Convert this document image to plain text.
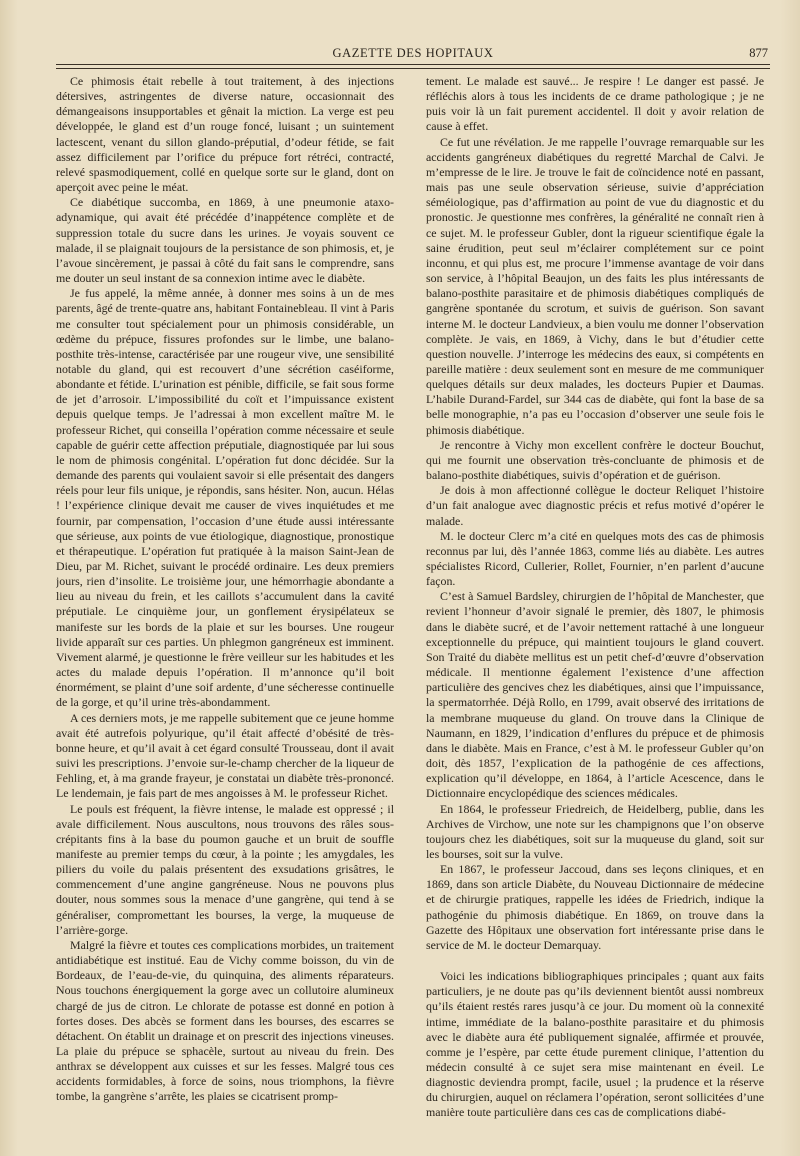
GAZETTE DES HOPITAUX	877

Ce phimosis était rebelle à tout traitement, à des injections détersives, astringentes de diverse nature, occasionnait des démangeaisons insupportables et gênait la miction. La verge est peu développée, le gland est d’un rouge foncé, luisant ; un suintement lactescent, venant du sillon glando-préputial, d’odeur fétide, se fait assez difficilement par l’orifice du prépuce fort rétréci, contracté, relevé spasmodiquement, collé en quelque sorte sur le gland, dont on aperçoit avec peine le méat.

Ce diabétique succomba, en 1869, à une pneumonie ataxo-adynamique, qui avait été précédée d’inappétence complète et de suppression totale du sucre dans les urines. Je voyais souvent ce malade, il se plaignait toujours de la persistance de son phimosis, et, je l’avoue sincèrement, je passai à côté du fait sans le comprendre, sans me douter un seul instant de sa connexion intime avec le diabète.

Je fus appelé, la même année, à donner mes soins à un de mes parents, âgé de trente-quatre ans, habitant Fontainebleau. Il vint à Paris me consulter tout spécialement pour un phimosis considérable, un œdème du prépuce, fissures profondes sur le limbe, une balano-posthite très-intense, caractérisée par une rougeur vive, une sensibilité notable du gland, qui est recouvert d’une sécrétion caséiforme, abondante et fétide. L’urination est pénible, difficile, se fait sous forme de jet d’arrosoir. L’impossibilité du coït et l’impuissance existent depuis quelque temps. Je l’adressai à mon excellent maître M. le professeur Richet, qui conseilla l’opération comme nécessaire et seule capable de guérir cette affection préputiale, diagnostiquée par lui sous le nom de phimosis congénital. L’opération fut donc décidée. Sur la demande des parents qui voulaient savoir si elle présentait des dangers réels pour leur fils unique, je répondis, sans hésiter. Non, aucun. Hélas ! l’expérience clinique devait me causer de vives inquiétudes et me fournir, par compensation, l’occasion d’une étude aussi intéressante que sérieuse, aux points de vue étiologique, diagnostique, pronostique et thérapeutique. L’opération fut pratiquée à la maison Saint-Jean de Dieu, par M. Richet, suivant le procédé ordinaire. Les deux premiers jours, rien d’insolite. Le troisième jour, une hémorrhagie abondante a lieu au niveau du frein, et les caillots s’accumulent dans la cavité préputiale. Le cinquième jour, un gonflement érysipélateux se manifeste sur les bords de la plaie et sur les bourses. Une rougeur livide apparaît sur ces parties. Un phlegmon gangréneux est imminent. Vivement alarmé, je questionne le frère veilleur sur les habitudes et les actes du malade depuis l’opération. Il m’annonce qu’il boit énormément, se plaint d’une soif ardente, d’une sécheresse continuelle de la gorge, et qu’il urine très-abondamment.

A ces derniers mots, je me rappelle subitement que ce jeune homme avait été autrefois polyurique, qu’il était affecté d’obésité de très-bonne heure, et qu’il avait à cet égard consulté Trousseau, dont il avait suivi les prescriptions. J’envoie sur-le-champ chercher de la liqueur de Fehling, et, à ma grande frayeur, je constatai un diabète très-prononcé. Le lendemain, je fais part de mes angoisses à M. le professeur Richet.

Le pouls est fréquent, la fièvre intense, le malade est oppressé ; il avale difficilement. Nous auscultons, nous trouvons des râles sous-crépitants fins à la base du poumon gauche et un bruit de souffle manifeste au premier temps du cœur, à la pointe ; les amygdales, les piliers du voile du palais présentent des exsudations grisâtres, le commencement d’une angine gangréneuse. Nous ne pouvons plus douter, nous sommes sous la menace d’une gangrène, qui tend à se généraliser, compromettant les bourses, la verge, la muqueuse de l’arrière-gorge.

Malgré la fièvre et toutes ces complications morbides, un traitement antidiabétique est institué. Eau de Vichy comme boisson, du vin de Bordeaux, de l’eau-de-vie, du quinquina, des aliments réparateurs. Nous touchons énergiquement la gorge avec un collutoire alumineux chargé de jus de citron. Le chlorate de potasse est donné en potion à fortes doses. Des abcès se forment dans les bourses, des escarres se détachent. On établit un drainage et on prescrit des injections vineuses. La plaie du prépuce se sphacèle, surtout au niveau du frein. Des anthrax se développent aux cuisses et sur les fesses. Malgré tous ces accidents formidables, à force de soins, nous triomphons, la fièvre tombe, la gangrène s’arrête, les plaies se cicatrisent promp-

tement. Le malade est sauvé... Je respire ! Le danger est passé. Je réfléchis alors à tous les incidents de ce drame pathologique ; je ne puis voir là un fait purement accidentel. Il doit y avoir relation de cause à effet.

Ce fut une révélation. Je me rappelle l’ouvrage remarquable sur les accidents gangréneux diabétiques du regretté Marchal de Calvi. Je m’empresse de le lire. Je trouve le fait de coïncidence noté en passant, mais pas une seule observation sérieuse, suivie d’appréciation séméiologique, pas d’affirmation au point de vue du diagnostic et du pronostic. Je questionne mes confrères, la généralité ne connaît rien à ce sujet. M. le professeur Gubler, dont la rigueur scientifique égale la saine érudition, peut seul m’éclairer complétement sur ce point inconnu, et qui plus est, me procure l’immense avantage de voir dans son service, à l’hôpital Beaujon, un des faits les plus intéressants de balano-posthite parasitaire et de phimosis diabétiques compliqués de gangrène spontanée du scrotum, et suivis de guérison. Son savant interne M. le docteur Landvieux, a bien voulu me donner l’observation complète. Je vais, en 1869, à Vichy, dans le but d’étudier cette question nouvelle. J’interroge les médecins des eaux, si compétents en pareille matière : deux seulement sont en mesure de me communiquer quelques détails sur deux malades, les docteurs Pupier et Daumas. L’habile Durand-Fardel, sur 344 cas de diabète, qui font la base de sa belle monographie, n’a pas eu l’occasion d’observer une seule fois le phimosis diabétique.

Je rencontre à Vichy mon excellent confrère le docteur Bouchut, qui me fournit une observation très-concluante de phimosis et de balano-posthite diabétiques, suivis d’opération et de guérison.

Je dois à mon affectionné collègue le docteur Reliquet l’histoire d’un fait analogue avec diagnostic précis et refus motivé d’opérer le malade.

M. le docteur Clerc m’a cité en quelques mots des cas de phimosis reconnus par lui, dès l’année 1863, comme liés au diabète. Les autres spécialistes Ricord, Cullerier, Rollet, Fournier, n’en parlent d’aucune façon.

C’est à Samuel Bardsley, chirurgien de l’hôpital de Manchester, que revient l’honneur d’avoir signalé le premier, dès 1807, le phimosis dans le diabète sucré, et de l’avoir nettement rattaché à une longueur exceptionnelle du prépuce, qui maintient toujours le gland couvert. Son Traité du diabète mellitus est un petit chef-d’œuvre d’observation médicale. Il mentionne également l’existence d’une affection particulière des gencives chez les diabétiques, ainsi que l’impuissance, la spermatorrhée. Déjà Rollo, en 1799, avait observé des irritations de la membrane muqueuse du gland. On trouve dans la Clinique de Naumann, en 1829, l’indication d’enflures du prépuce et de phimosis dans le diabète. Mais en France, c’est à M. le professeur Gubler qu’on doit, dès 1857, l’explication de la pathogénie de ces affections, explication qu’il développe, en 1864, à l’article Acescence, dans le Dictionnaire encyclopédique des sciences médicales.

En 1864, le professeur Friedreich, de Heidelberg, publie, dans les Archives de Virchow, une note sur les champignons que l’on observe toujours chez les diabétiques, soit sur la muqueuse du gland, soit sur les bourses, soit sur la vulve.

En 1867, le professeur Jaccoud, dans ses leçons cliniques, et en 1869, dans son article Diabète, du Nouveau Dictionnaire de médecine et de chirurgie pratiques, rappelle les idées de Friedrich, indique la pathogénie du phimosis diabétique. En 1869, on trouve dans la Gazette des Hôpitaux une observation fort intéressante prise dans le service de M. le docteur Demarquay.

Voici les indications bibliographiques principales ; quant aux faits particuliers, je ne doute pas qu’ils deviennent bientôt aussi nombreux qu’ils étaient restés rares jusqu’à ce jour. Du moment où la connexité intime, immédiate de la balano-posthite parasitaire et du phimosis avec le diabète aura été publiquement signalée, affirmée et prouvée, comme je l’espère, par cette étude purement clinique, l’attention du médecin consulté à ce sujet sera mise maintenant en éveil. Le diagnostic deviendra prompt, facile, usuel ; la prudence et la réserve du chirurgien, auquel on réclamera l’opération, seront sollicitées d’une manière toute particulière dans ces cas de complications diabé-
